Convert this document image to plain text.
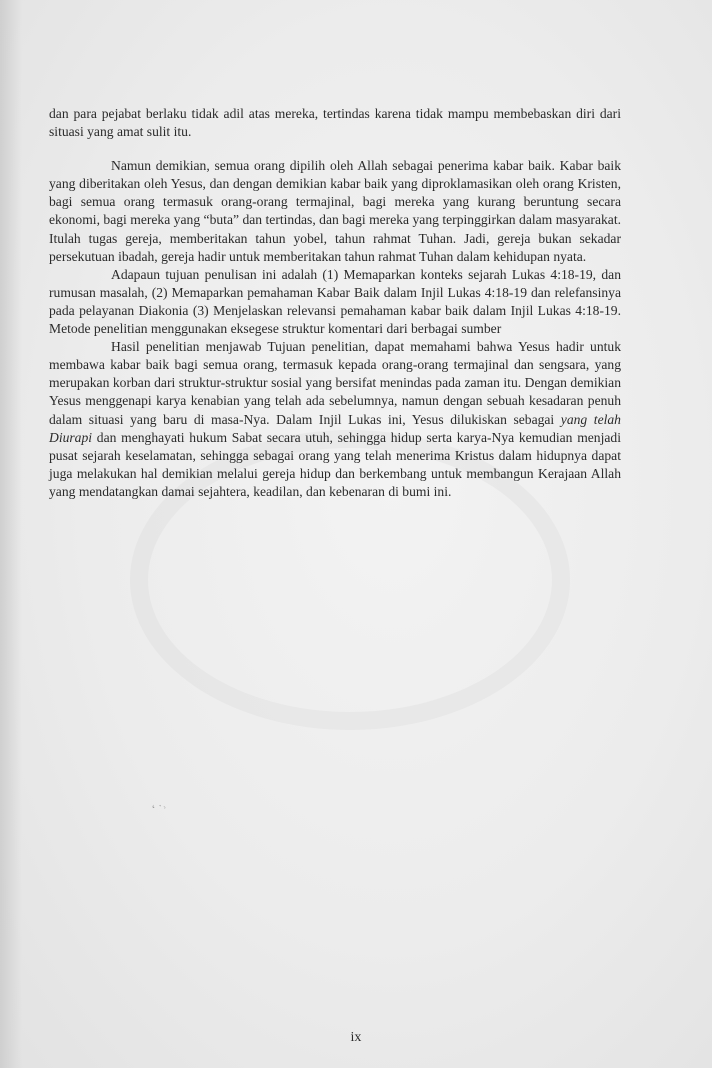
dan para pejabat berlaku tidak adil atas mereka, tertindas karena tidak mampu membebaskan diri dari situasi yang amat sulit itu.

Namun demikian, semua orang dipilih oleh Allah sebagai penerima kabar baik. Kabar baik yang diberitakan oleh Yesus, dan dengan demikian kabar baik yang diproklamasikan oleh orang Kristen, bagi semua orang termasuk orang-orang termajinal, bagi mereka yang kurang beruntung secara ekonomi, bagi mereka yang “buta” dan tertindas, dan bagi mereka yang terpinggirkan dalam masyarakat. Itulah tugas gereja, memberitakan tahun yobel, tahun rahmat Tuhan. Jadi, gereja bukan sekadar persekutuan ibadah, gereja hadir untuk memberitakan tahun rahmat Tuhan dalam kehidupan nyata.

Adapaun tujuan penulisan ini adalah (1) Memaparkan konteks sejarah Lukas 4:18-19, dan rumusan masalah, (2) Memaparkan pemahaman Kabar Baik dalam Injil Lukas 4:18-19 dan relefansinya pada pelayanan Diakonia (3) Menjelaskan relevansi pemahaman kabar baik dalam Injil Lukas 4:18-19. Metode penelitian menggunakan eksegese struktur komentari dari berbagai sumber

Hasil penelitian menjawab Tujuan penelitian, dapat memahami bahwa Yesus hadir untuk membawa kabar baik bagi semua orang, termasuk kepada orang-orang termajinal dan sengsara, yang merupakan korban dari struktur-struktur sosial yang bersifat menindas pada zaman itu. Dengan demikian Yesus menggenapi karya kenabian yang telah ada sebelumnya, namun dengan sebuah kesadaran penuh dalam situasi yang baru di masa-Nya. Dalam Injil Lukas ini, Yesus dilukiskan sebagai yang telah Diurapi dan menghayati hukum Sabat secara utuh, sehingga hidup serta karya-Nya kemudian menjadi pusat sejarah keselamatan, sehingga sebagai orang yang telah menerima Kristus dalam hidupnya dapat juga melakukan hal demikian melalui gereja hidup dan berkembang untuk membangun Kerajaan Allah yang mendatangkan damai sejahtera, keadilan, dan kebenaran di bumi ini.

ʻ ˑ˒
ix
